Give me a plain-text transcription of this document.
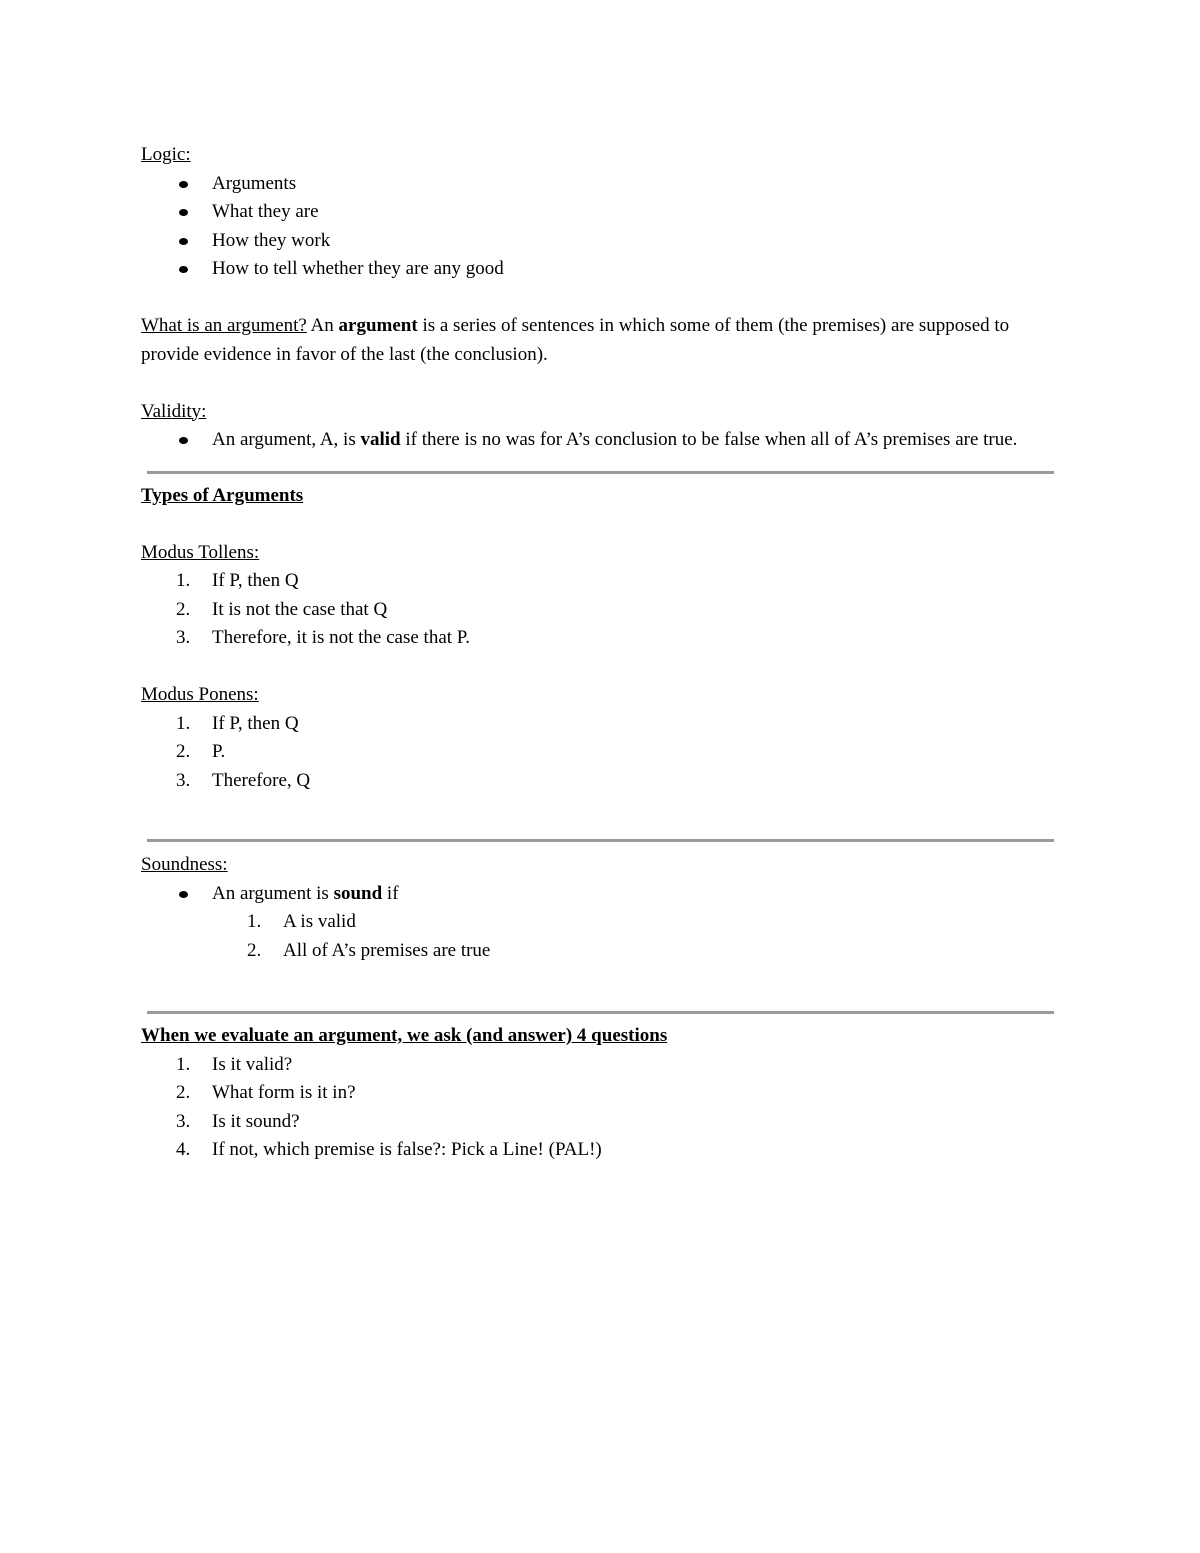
Logic:
Arguments
What they are
How they work
How to tell whether they are any good
What is an argument? An argument is a series of sentences in which some of them (the premises) are supposed to provide evidence in favor of the last (the conclusion).
Validity:
An argument, A, is valid if there is no was for A’s conclusion to be false when all of A’s premises are true.
Types of Arguments
Modus Tollens:
1. If P, then Q
2. It is not the case that Q
3. Therefore, it is not the case that P.
Modus Ponens:
1. If P, then Q
2. P.
3. Therefore, Q
Soundness:
An argument is sound if
1. A is valid
2. All of A’s premises are true
When we evaluate an argument, we ask (and answer) 4 questions
1. Is it valid?
2. What form is it in?
3. Is it sound?
4. If not, which premise is false?: Pick a Line! (PAL!)
